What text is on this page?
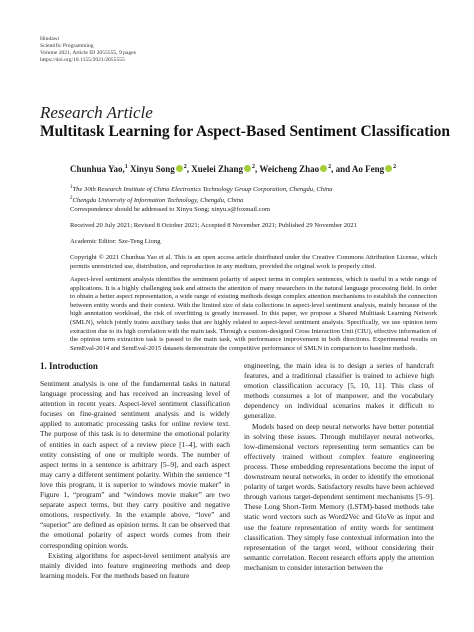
Hindawi
Scientific Programming
Volume 2021, Article ID 2055555, 9 pages
https://doi.org/10.1155/2021/2055555
Research Article
Multitask Learning for Aspect-Based Sentiment Classification
Chunhua Yao,$^1$ Xinyu Song $^2$, Xuelei Zhang $^2$, Weicheng Zhao $^2$, and Ao Feng $^2$
$^1$The 30th Research Institute of China Electronics Technology Group Corporation, Chengdu, China
$^2$Chengdu University of Information Technology, Chengdu, China
Correspondence should be addressed to Xinyu Song; xinyu.s@foxmail.com
Received 20 July 2021; Revised 8 October 2021; Accepted 8 November 2021; Published 29 November 2021
Academic Editor: Sze-Teng Liong
Copyright © 2021 Chunhua Yao et al. This is an open access article distributed under the Creative Commons Attribution License, which permits unrestricted use, distribution, and reproduction in any medium, provided the original work is properly cited.
Aspect-level sentiment analysis identifies the sentiment polarity of aspect terms in complex sentences, which is useful in a wide range of applications. It is a highly challenging task and attracts the attention of many researchers in the natural language processing field. In order to obtain a better aspect representation, a wide range of existing methods design complex attention mechanisms to establish the connection between entity words and their context. With the limited size of data collections in aspect-level sentiment analysis, mainly because of the high annotation workload, the risk of overfitting is greatly increased. In this paper, we propose a Shared Multitask Learning Network (SMLN), which jointly trains auxiliary tasks that are highly related to aspect-level sentiment analysis. Specifically, we use opinion term extraction due to its high correlation with the main task. Through a custom-designed Cross Interaction Unit (CIU), effective information of the opinion term extraction task is passed to the main task, with performance improvement in both directions. Experimental results on SemEval-2014 and SemEval-2015 datasets demonstrate the competitive performance of SMLN in comparison to baseline methods.
1. Introduction

Sentiment analysis is one of the fundamental tasks in natural language processing and has received an increasing level of attention in recent years. Aspect-level sentiment classification focuses on fine-grained sentiment analysis and is widely applied to automatic processing tasks for online review text. The purpose of this task is to determine the emotional polarity of entities in each aspect of a review piece [1–4], with each entity consisting of one or multiple words. The number of aspect terms in a sentence is arbitrary [5–9], and each aspect may carry a different sentiment polarity. Within the sentence “I love this program, it is superior to windows movie maker” in Figure 1, “program” and “windows movie maker” are two separate aspect terms, but they carry positive and negative emotions, respectively. In the example above, “love” and “superior” are defined as opinion terms. It can be observed that the emotional polarity of aspect words comes from their corresponding opinion words.

Existing algorithms for aspect-level sentiment analysis are mainly divided into feature engineering methods and deep learning models. For the methods based on feature

engineering, the main idea is to design a series of handcraft features, and a traditional classifier is trained to achieve high emotion classification accuracy [5, 10, 11]. This class of methods consumes a lot of manpower, and the vocabulary dependency on individual scenarios makes it difficult to generalize.

Models based on deep neural networks have better potential in solving these issues. Through multilayer neural networks, low-dimensional vectors representing term semantics can be effectively trained without complex feature engineering process. These embedding representations become the input of downstream neural networks, in order to identify the emotional polarity of target words. Satisfactory results have been achieved through various target-dependent sentiment mechanisms [5–9]. These Long Short-Term Memory (LSTM)-based methods take static word vectors such as Word2Vec and GloVe as input and use the feature representation of entity words for sentiment classification. They simply fuse contextual information into the representation of the target word, without considering their semantic correlation. Recent research efforts apply the attention mechanism to consider interaction between the
